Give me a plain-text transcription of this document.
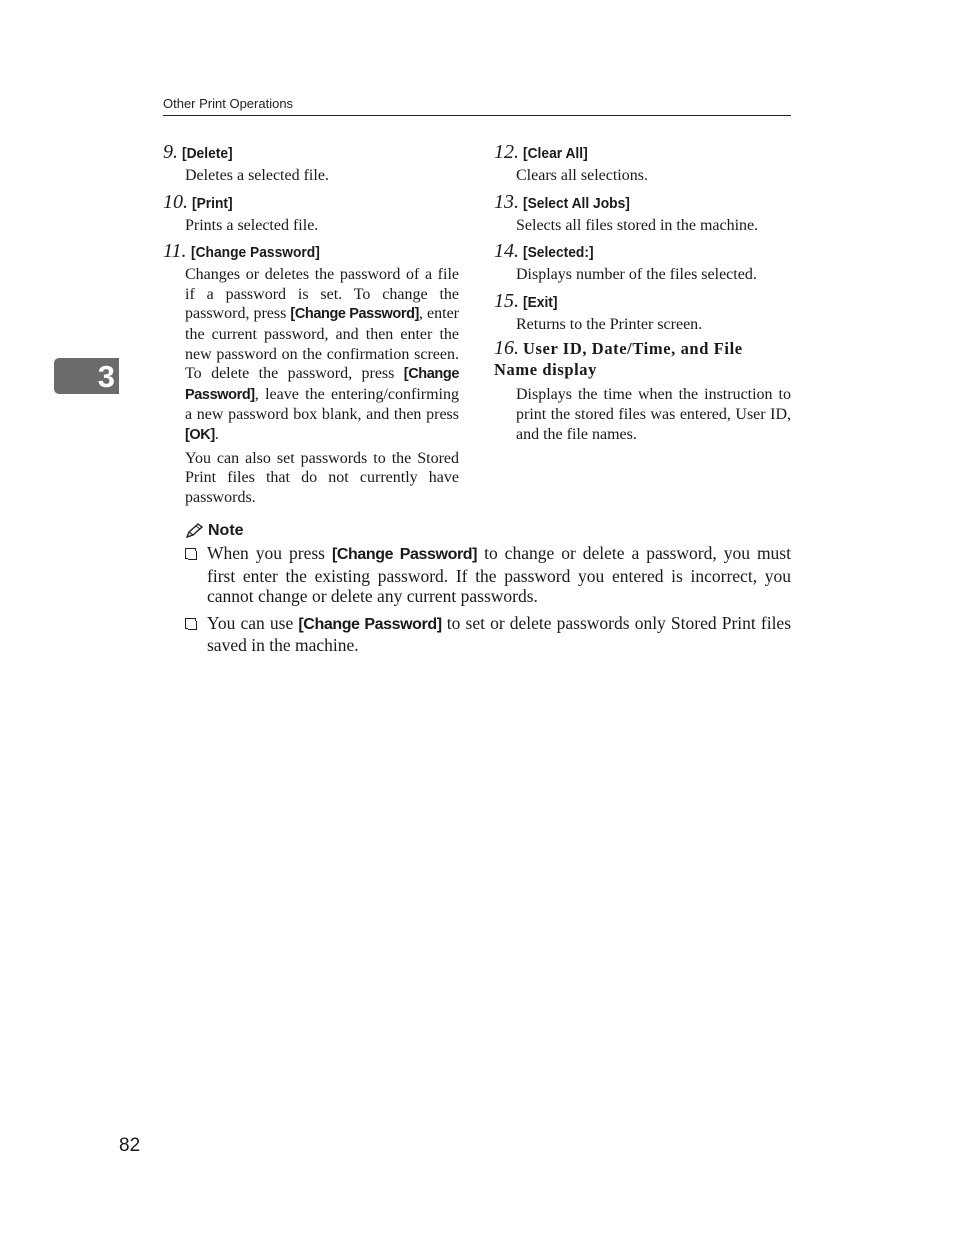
Other Print Operations
3
9. [Delete]

Deletes a selected file.

10. [Print]

Prints a selected file.

11. [Change Password]

Changes or deletes the password of a file if a password is set. To change the password, press [Change Password], enter the current password, and then enter the new password on the confirmation screen. To delete the password, press [Change Password], leave the entering/confirming a new password box blank, and then press [OK].

You can also set passwords to the Stored Print files that do not currently have passwords.

12. [Clear All]

Clears all selections.

13. [Select All Jobs]

Selects all files stored in the machine.

14. [Selected:]

Displays number of the files selected.

15. [Exit]

Returns to the Printer screen.

16. User ID, Date/Time, and File Name display

Displays the time when the instruction to print the stored files was entered, User ID, and the file names.

Note
When you press [Change Password] to change or delete a password, you must first enter the existing password. If the password you entered is incorrect, you cannot change or delete any current passwords.
You can use [Change Password] to set or delete passwords only Stored Print files saved in the machine.
82
